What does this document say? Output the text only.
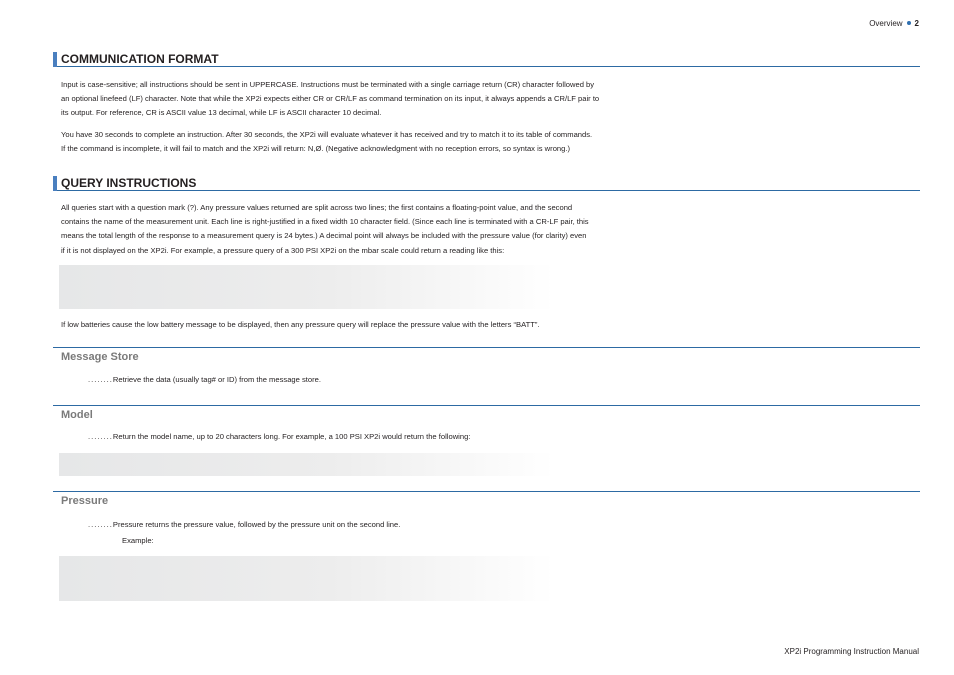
Overview 2
COMMUNICATION FORMAT
Input is case-sensitive; all instructions should be sent in UPPERCASE. Instructions must be terminated with a single carriage return (CR) character followed by
an optional linefeed (LF) character. Note that while the XP2i expects either CR or CR/LF as command termination on its input, it always appends a CR/LF pair to
its output. For reference, CR is ASCII value 13 decimal, while LF is ASCII character 10 decimal.
You have 30 seconds to complete an instruction. After 30 seconds, the XP2i will evaluate whatever it has received and try to match it to its table of commands.
If the command is incomplete, it will fail to match and the XP2i will return: N,Ø. (Negative acknowledgment with no reception errors, so syntax is wrong.)
QUERY INSTRUCTIONS
All queries start with a question mark (?). Any pressure values returned are split across two lines; the first contains a floating-point value, and the second
contains the name of the measurement unit. Each line is right-justified in a fixed width 10 character field. (Since each line is terminated with a CR-LF pair, this
means the total length of the response to a measurement query is 24 bytes.) A decimal point will always be included with the pressure value (for clarity) even
if it is not displayed on the XP2i. For example, a pressure query of a 300 PSI XP2i on the mbar scale could return a reading like this:
If low batteries cause the low battery message to be displayed, then any pressure query will replace the pressure value with the letters “BATT”.
Message Store
........Retrieve the data (usually tag# or ID) from the message store.
Model
........Return the model name, up to 20 characters long. For example, a 100 PSI XP2i would return the following:
Pressure
........Pressure returns the pressure value, followed by the pressure unit on the second line.
Example:
XP2i Programming Instruction Manual
